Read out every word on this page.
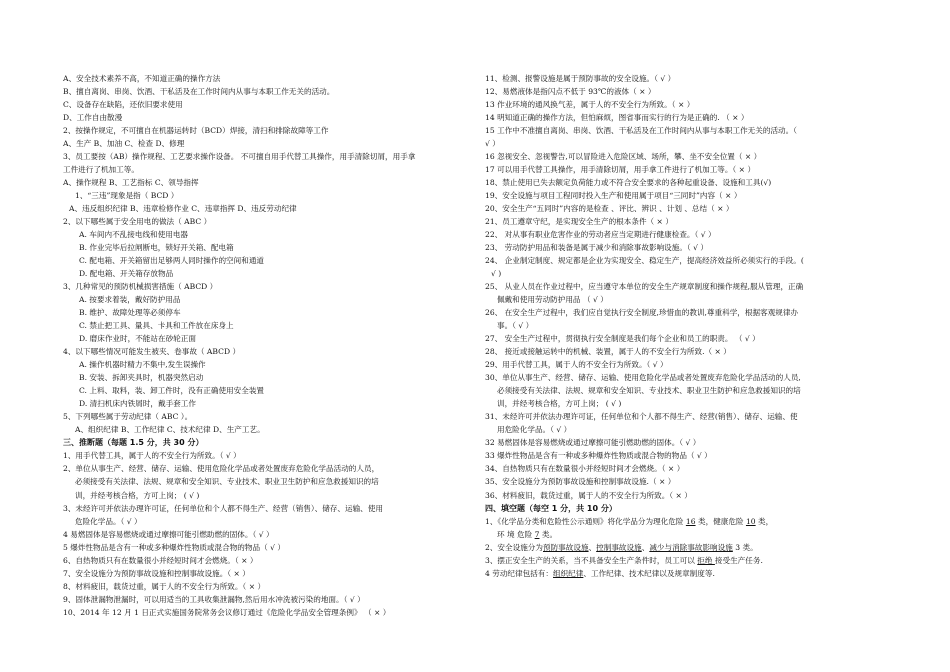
A、安全技术素养不高，不知道正确的操作方法
B、擅自离岗、串岗、饮酒、干私活及在工作时间内从事与本职工作无关的活动。
C、设备存在缺陷，还依旧要求使用
D、工作自由散漫
2、按操作规定，不可擅自在机器运转时（BCD）焊接，清扫和排除故障等工作
A、生产 B、加油 C、检查 D、修理
3、员工要按（AB）操作规程、工艺要求操作设备。 不可擅自用手代替工具操作，用手清除切屑，用手拿
工件进行了机加工等。
A、操作规程 B、工艺指标 C、领导指挥
1、“三违”现象是指（ BCD ）
A、违反组织纪律 B、违章检修作业 C、违章指挥 D、违反劳动纪律
2、以下哪些属于安全用电的做法（ ABC ）
A. 车间内不乱接电线和使用电器
B. 作业完毕后拉闸断电，锁好开关箱、配电箱
C. 配电箱、开关箱留出足够两人同时操作的空间和通道
D. 配电箱、开关箱存放物品
3、几种常见的预防机械损害措施（ ABCD ）
A. 按要求着装，戴好防护用品
B. 维护、故障处理等必须停车
C. 禁止把工具、量具、卡具和工件放在床身上
D. 磨床作业时，不能站在砂轮正面
4、以下哪些情况可能发生被夹、卷事故（ ABCD ）
A. 操作机器时精力不集中,发生误操作
B. 安装、拆卸夹具时，机器突然启动
C. 上料、取料，装、卸工件时，没有正确使用安全装置
D. 清扫机床内铁屑时，戴手套工作
5、下列哪些属于劳动纪律（ ABC ）。
A、组织纪律 B、工作纪律 C、技术纪律 D、生产工艺。
三、推断题（每题 1.5 分，共 30 分）
1、用手代替工具，属于人的不安全行为所致。（ √ ）
2、单位从事生产、经营、储存、运输、使用危险化学品或者处置废弃危险化学品活动的人员，
必须接受有关法律、法规、规章和安全知识、专业技术、职业卫生防护和应急救援知识的培
训，并经考核合格，方可上岗； ( √ )
3、未经许可并依法办理许可证，任何单位和个人都不得生产、经营（销售）、储存、运输、使用
危险化学品。（ √ ）
4 易燃固体是容易燃烧或通过摩擦可能引燃助燃的固体。（ √ ）
5 爆炸性物品是含有一种或多种爆炸性物质或混合物的物品（ √ ）
6、自热物质只有在数量很小并经短时间才会燃烧。（ × ）
7、安全设施分为预防事故设施和控制事故设施。（ × ）
8、材料疲旧，载货过重，属于人的不安全行为所致。（ × ）
9、固体泄漏物泄漏时，可以用适当的工具收集泄漏物,然后用水冲洗被污染的地面。（ √ ）
10、2014 年 12 月 1 日正式实施国务院常务会议修订通过《危险化学品安全管理条例》 （ × ）
11、检测、报警设施是属于预防事故的安全设施。（ √ ）
12、易燃液体是指闪点不低于 93℃的液体（ × ）
13 作业环境的通风换气差，属于人的不安全行为所致。（ × ）
14 明知道正确的操作方法，但怕麻烦，图省事而实行的行为是正确的. （ × ）
15 工作中不准擅自离岗、串岗、饮酒、干私活及在工作时间内从事与本职工作无关的活动。（
√ ）
16 忽视安全、忽视警告,可以冒险进入危险区域、场所，攀、坐不安全位置（ × ）
17 可以用手代替工具操作，用手清除切屑，用手拿工件进行了机加工等。（ × ）
18、禁止使用已失去额定负荷能力或不符合安全要求的各种起重设备、设施和工具(√)
19、安全设施与项目工程同时投入生产和使用属于项目“三同时”内容（ × ）
20、安全生产“五同时”内容的是检查 、评比、辨识 、计划 、总结（ × ）
21、员工遵章守纪，是实现安全生产的根本条件（ × ）
22、 对从事有职业危害作业的劳动者应当定期进行健康检查。（ √ ）
23、 劳动防护用品和装备是属于减少和消除事故影响设施。（ √ ）
24、 企业制定制度、规定都是企业为实现安全、稳定生产，提高经济效益所必须实行的手段。(
√ )
25、 从业人员在作业过程中，应当遵守本单位的安全生产规章制度和操作规程,服从管理，正确
佩戴和使用劳动防护用品 （ √ ）
26、 在安全生产过程中，我们应自觉执行安全制度,珍惜血的教训,尊重科学，根据客观规律办
事。（ √ ）
27、 安全生产过程中，贯彻执行安全制度是我们每个企业和员工的职责。 （ √ ）
28、 接近或接触运转中的机械、装置，属于人的不安全行为所致.（ × ）
29、用手代替工具，属于人的不安全行为所致。（ √ ）
30、单位从事生产、经营、储存、运输、使用危险化学品或者处置废弃危险化学品活动的人员,
必须接受有关法律、法规、规章和安全知识、专业技术、职业卫生防护和应急救援知识的培
训，并经考核合格，方可上岗； ( √ )
31、未经许可并依法办理许可证，任何单位和个人都不得生产、经营(销售）、储存、运输、使
用危险化学品。（ √ ）
32 易燃固体是容易燃烧或通过摩擦可能引燃助燃的固体。（ √ ）
33 爆炸性物品是含有一种或多种爆炸性物质或混合物的物品（ √ ）
34、自热物质只有在数量很小并经短时间才会燃烧。（ × ）
35、安全设施分为预防事故设施和控制事故设施.（ × ）
36、材料疲旧，载货过重，属于人的不安全行为所致。（ × ）
四、填空题（每空 1 分，共 10 分）
1、《化学品分类和危险性公示通则》将化学品分为理化危险 16 类，健康危险 10 类，
环 境 危险 7 类。
2、安全设施分为预防事故设施、控制事故设施、减少与消除事故影响设施 3 类。
3、摆正安全生产的关系，当不具备安全生产条件时，员工可以 拒绝 接受生产任务.
4 劳动纪律包括有：组织纪律、工作纪律、技术纪律以及规章制度等.
